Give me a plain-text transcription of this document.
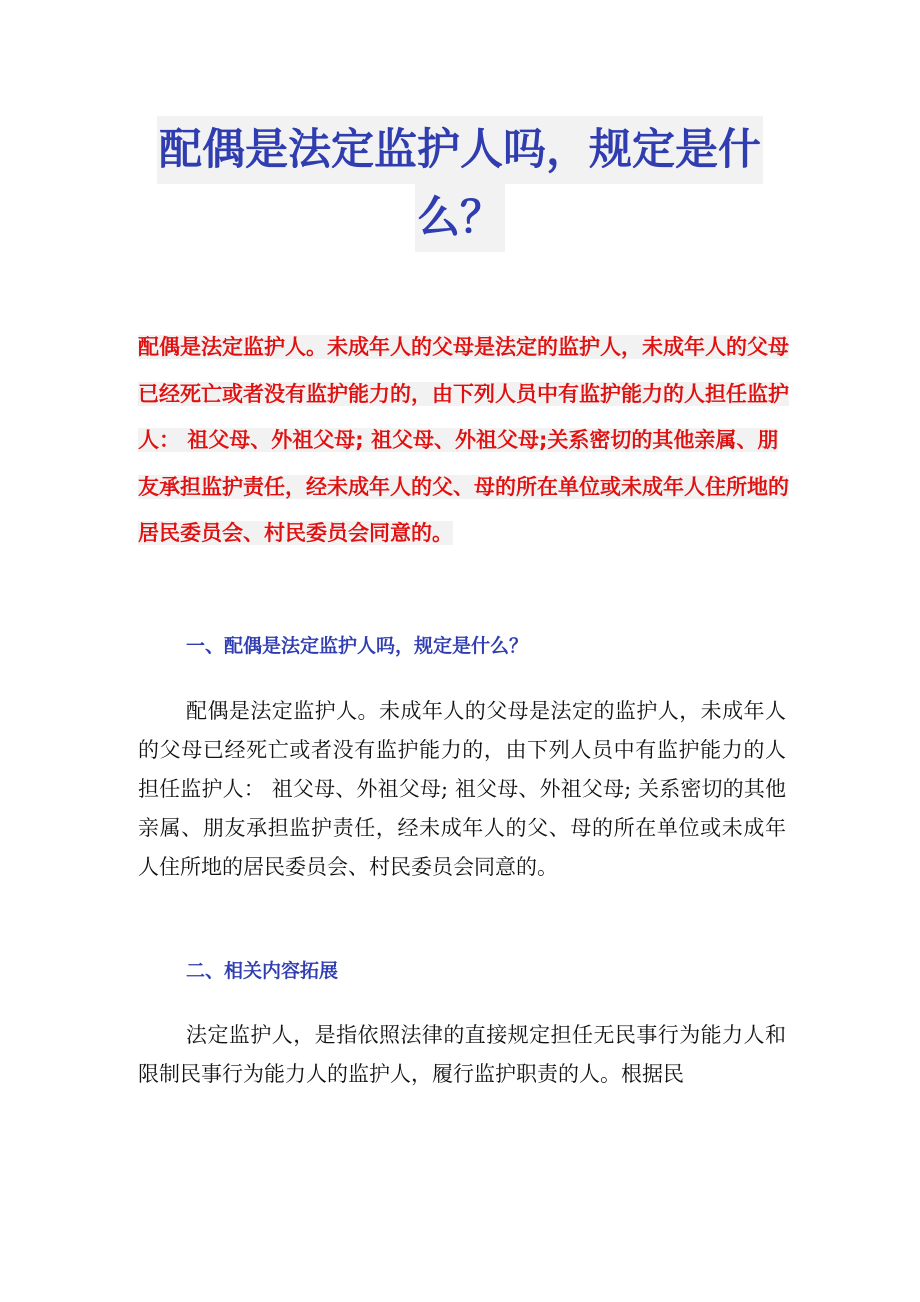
配偶是法定监护人吗，规定是什
么？

配偶是法定监护人。未成年人的父母是法定的监护人，未成年人的父母已经死亡或者没有监护能力的，由下列人员中有监护能力的人担任监护人： 祖父母、外祖父母; 祖父母、外祖父母;关系密切的其他亲属、朋友承担监护责任，经未成年人的父、母的所在单位或未成年人住所地的居民委员会、村民委员会同意的。

一、配偶是法定监护人吗，规定是什么？

配偶是法定监护人。未成年人的父母是法定的监护人，未成年人的父母已经死亡或者没有监护能力的，由下列人员中有监护能力的人担任监护人： 祖父母、外祖父母; 祖父母、外祖父母; 关系密切的其他亲属、朋友承担监护责任，经未成年人的父、母的所在单位或未成年人住所地的居民委员会、村民委员会同意的。

二、相关内容拓展

法定监护人，是指依照法律的直接规定担任无民事行为能力人和限制民事行为能力人的监护人，履行监护职责的人。根据民
